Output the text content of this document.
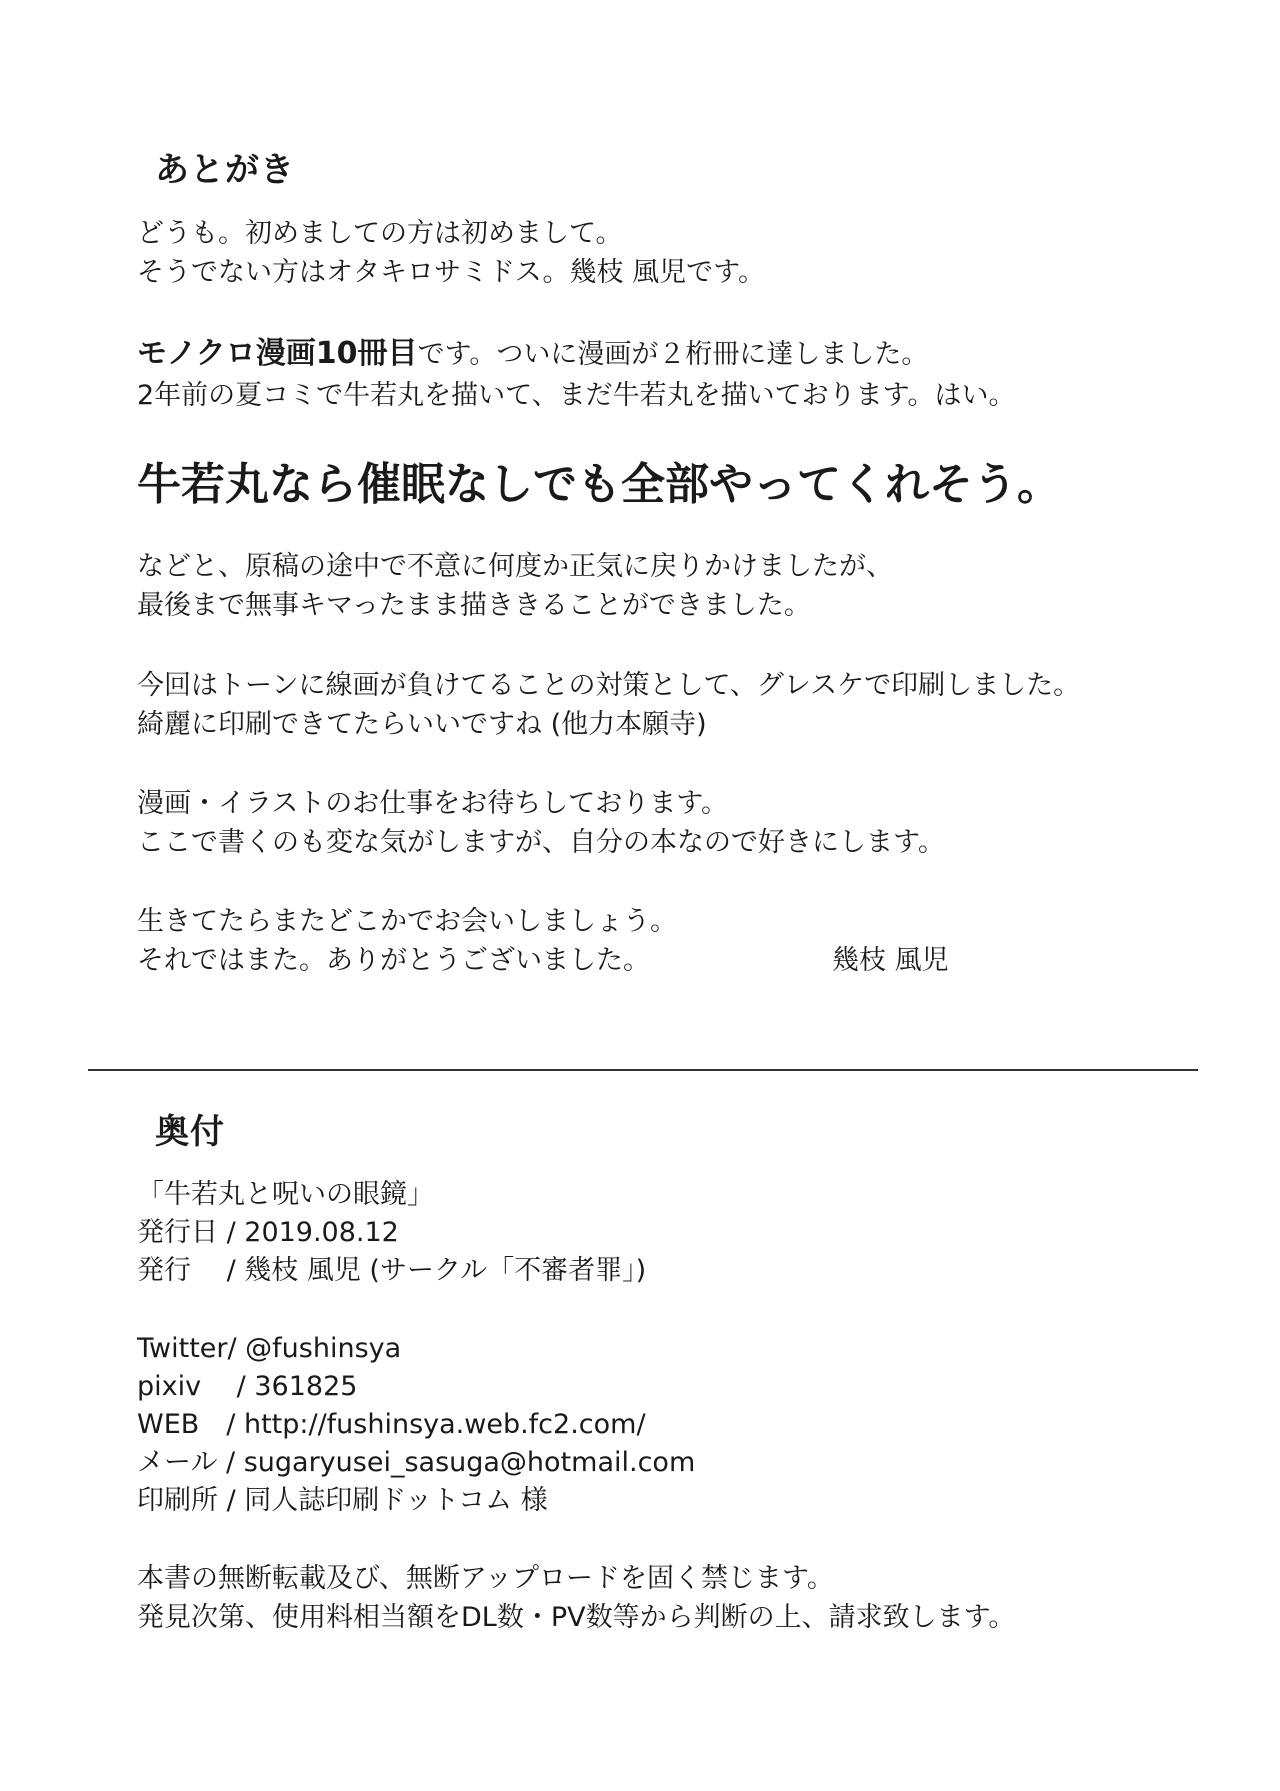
あとがき

どうも。初めましての方は初めまして。

そうでない方はオタキロサミドス。幾枝 風児です。

モノクロ漫画10冊目です。ついに漫画が２桁冊に達しました。

2年前の夏コミで牛若丸を描いて、まだ牛若丸を描いております。はい。

牛若丸なら催眠なしでも全部やってくれそう。

などと、原稿の途中で不意に何度か正気に戻りかけましたが、

最後まで無事キマったまま描ききることができました。

今回はトーンに線画が負けてることの対策として、グレスケで印刷しました。

綺麗に印刷できてたらいいですね (他力本願寺)

漫画・イラストのお仕事をお待ちしております。

ここで書くのも変な気がしますが、自分の本なので好きにします。

生きてたらまたどこかでお会いしましょう。

それではまた。ありがとうございました。	幾枝 風児
奥付

「牛若丸と呪いの眼鏡」

発行日 / 2019.08.12

発行　 / 幾枝 風児 (サークル「不審者罪」)

Twitter/ @fushinsya

pixiv　 / 361825

WEB　/ http://fushinsya.web.fc2.com/

メール / sugaryusei_sasuga@hotmail.com

印刷所 / 同人誌印刷ドットコム 様

本書の無断転載及び、無断アップロードを固く禁じます。

発見次第、使用料相当額をDL数・PV数等から判断の上、請求致します。
